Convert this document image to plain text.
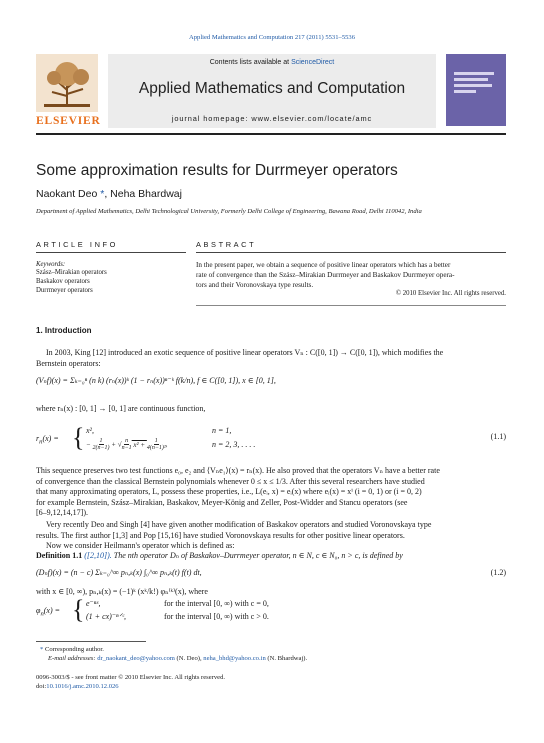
Applied Mathematics and Computation 217 (2011) 5531–5536
ELSEVIER
Contents lists available at ScienceDirect
Applied Mathematics and Computation
journal homepage: www.elsevier.com/locate/amc
Some approximation results for Durrmeyer operators
Naokant Deo *, Neha Bhardwaj
Department of Applied Mathematics, Delhi Technological University, Formerly Delhi College of Engineering, Bawana Road, Delhi 110042, India
ARTICLE INFO
Keywords:
Szász–Mirakian operators
Baskakov operators
Durrmeyer operators
ABSTRACT
In the present paper, we obtain a sequence of positive linear operators which has a better
rate of convergence than the Szász–Mirakian Durrmeyer and Baskakov Durrmeyer opera-
tors and their Voronovskaya type results.
© 2010 Elsevier Inc. All rights reserved.
1. Introduction
In 2003, King [12] introduced an exotic sequence of positive linear operators Vₙ : C([0, 1]) → C([0, 1]), which modifies the
Bernstein operators:
(Vₙf)(x) = Σₖ₌₀ⁿ (n k) (rₙ(x))ᵏ (1 − rₙ(x))ⁿ⁻ᵏ f(k/n), f ∈ C([0, 1]), x ∈ [0, 1],
where rₙ(x) : [0, 1] → [0, 1] are continuous function,
$r_n(x)$ = { x²,	n = 1,
− 1
2(n−1) + √ n
n−1 x² + 1
4(n−1)²,	n = 2, 3, . . . .
(1.1)
This sequence preserves two test functions e₀, e₂ and ⟨Vₙe₁⟩(x) = rₙ(x). He also proved that the operators Vₙ have a better rate
of convergence than the classical Bernstein polynomials whenever 0 ≤ x ≤ 1/3. After this several researchers have studied
that many approximating operators, L, possess these properties, i.e., L(eᵢ, x) = eᵢ(x) where eᵢ(x) = xⁱ (i = 0, 1) or (i = 0, 2)
for example Bernstein, Szász–Mirakian, Baskakov, Meyer-König and Zeller, Post-Widder and Stancu operators (see
[6–9,12,14,17]).
Very recently Deo and Singh [4] have given another modification of Baskakov operators and studied Voronovskaya type
results. The first author [1,3] and Pop [15,16] have studied Voronovskaya results for other positive linear operators.
Now we consider Heilmann's operator which is defined as:
Definition 1.1 ([2,10]). The nth operator Dₙ of Baskakov–Durrmeyer operator, n ∈ N, c ∈ N₀, n > c, is defined by
(Dₙf)(x) = (n − c) Σₖ₌₀^∞ pₙ,ₖ(x) ∫₀^∞ pₙ,ₖ(t) f(t) dt,	(1.2)
with x ∈ [0, ∞), pₙ,ₖ(x) = (−1)ᵏ (xᵏ/k!) φₙ⁽ᵏ⁾(x), where
$\varphi_n(x)$ = { e⁻ⁿˣ,	for the interval [0, ∞) with c = 0,
(1 + cx)⁻ⁿᐟᶜ,	for the interval [0, ∞) with c > 0.
* Corresponding author.
E-mail addresses: dr_naokant_deo@yahoo.com (N. Deo), neha_bhd@yahoo.co.in (N. Bhardwaj).
0096-3003/$ - see front matter © 2010 Elsevier Inc. All rights reserved.
doi:10.1016/j.amc.2010.12.026
